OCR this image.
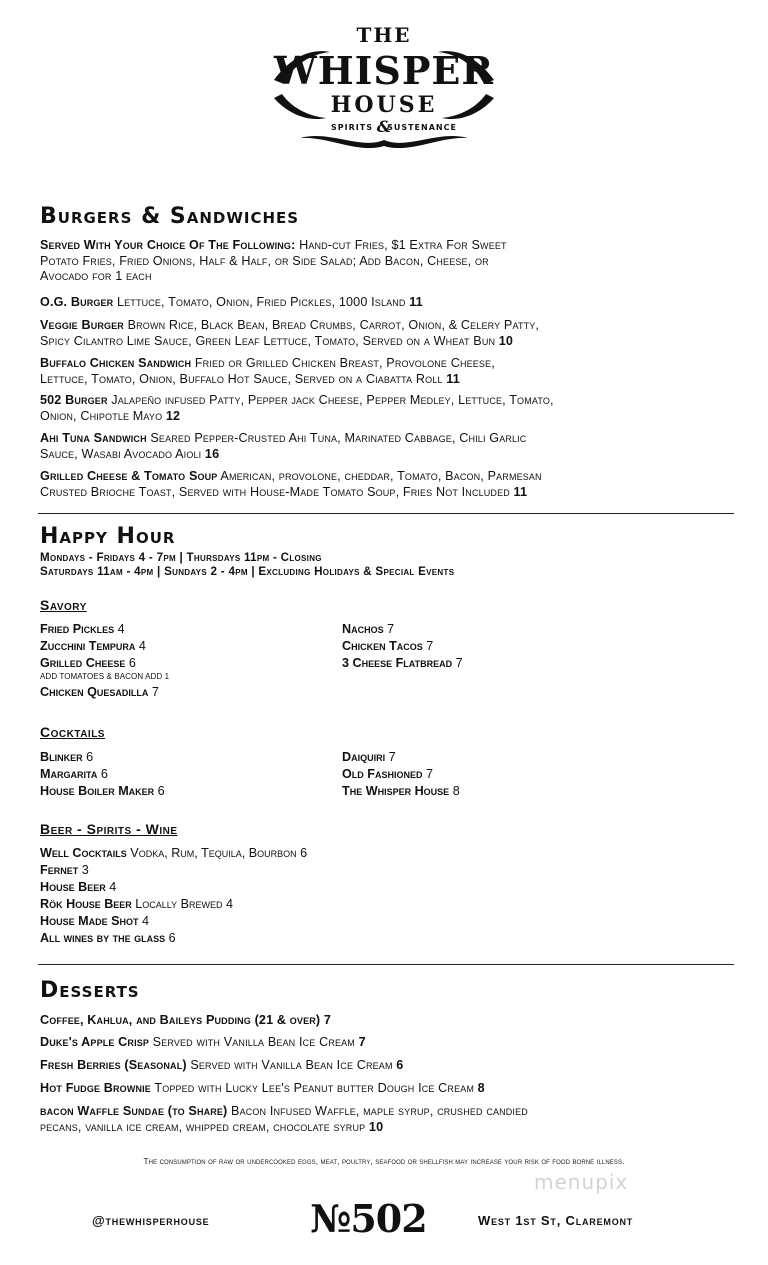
THE
WHISPER
HOUSE
SPIRITS &
SUSTENANCE
Burgers & Sandwiches
Served With Your Choice Of The Following: Hand-cut Fries, $1 Extra For Sweet
Potato Fries, Fried Onions, Half & Half, or Side Salad; Add Bacon, Cheese, or
Avocado for 1 each
O.G. Burger Lettuce, Tomato, Onion, Fried Pickles, 1000 Island 11
Veggie Burger Brown Rice, Black Bean, Bread Crumbs, Carrot, Onion, & Celery Patty,
Spicy Cilantro Lime Sauce, Green Leaf Lettuce, Tomato, Served on a Wheat Bun 10
Buffalo Chicken Sandwich Fried or Grilled Chicken Breast, Provolone Cheese,
Lettuce, Tomato, Onion, Buffalo Hot Sauce, Served on a Ciabatta Roll 11
502 Burger Jalapeño infused Patty, Pepper jack Cheese, Pepper Medley, Lettuce, Tomato,
Onion, Chipotle Mayo 12
Ahi Tuna Sandwich Seared Pepper-Crusted Ahi Tuna, Marinated Cabbage, Chili Garlic
Sauce, Wasabi Avocado Aioli 16
Grilled Cheese & Tomato Soup American, provolone, cheddar, Tomato, Bacon, Parmesan
Crusted Brioche Toast, Served with House-Made Tomato Soup, Fries Not Included 11
Happy Hour
Mondays - Fridays 4 - 7pm | Thursdays 11pm - Closing
Saturdays 11am - 4pm | Sundays 2 - 4pm | Excluding Holidays & Special Events
Savory
Fried Pickles 4
Zucchini Tempura 4
Grilled Cheese 6
ADD TOMATOES & BACON ADD 1
Chicken Quesadilla 7
Nachos 7
Chicken Tacos 7
3 Cheese Flatbread 7
Cocktails
Blinker 6
Margarita 6
House Boiler Maker 6
Daiquiri 7
Old Fashioned 7
The Whisper House 8
Beer - Spirits - Wine
Well Cocktails Vodka, Rum, Tequila, Bourbon 6
Fernet 3
House Beer 4
Rök House Beer Locally Brewed 4
House Made Shot 4
All wines by the glass 6
Desserts
Coffee, Kahlua, and Baileys Pudding (21 & over) 7
Duke's Apple Crisp Served with Vanilla Bean Ice Cream 7
Fresh Berries (Seasonal) Served with Vanilla Bean Ice Cream 6
Hot Fudge Brownie Topped with Lucky Lee's Peanut butter Dough Ice Cream 8
bacon Waffle Sundae (to Share) Bacon Infused Waffle, maple syrup, crushed candied
pecans, vanilla ice cream, whipped cream, chocolate syrup 10
The consumption of raw or undercooked eggs, meat, poultry, seafood or shellfish may increase your risk of food borne illness.
menupix
@thewhisperhouse	№502	West 1st St, Claremont
